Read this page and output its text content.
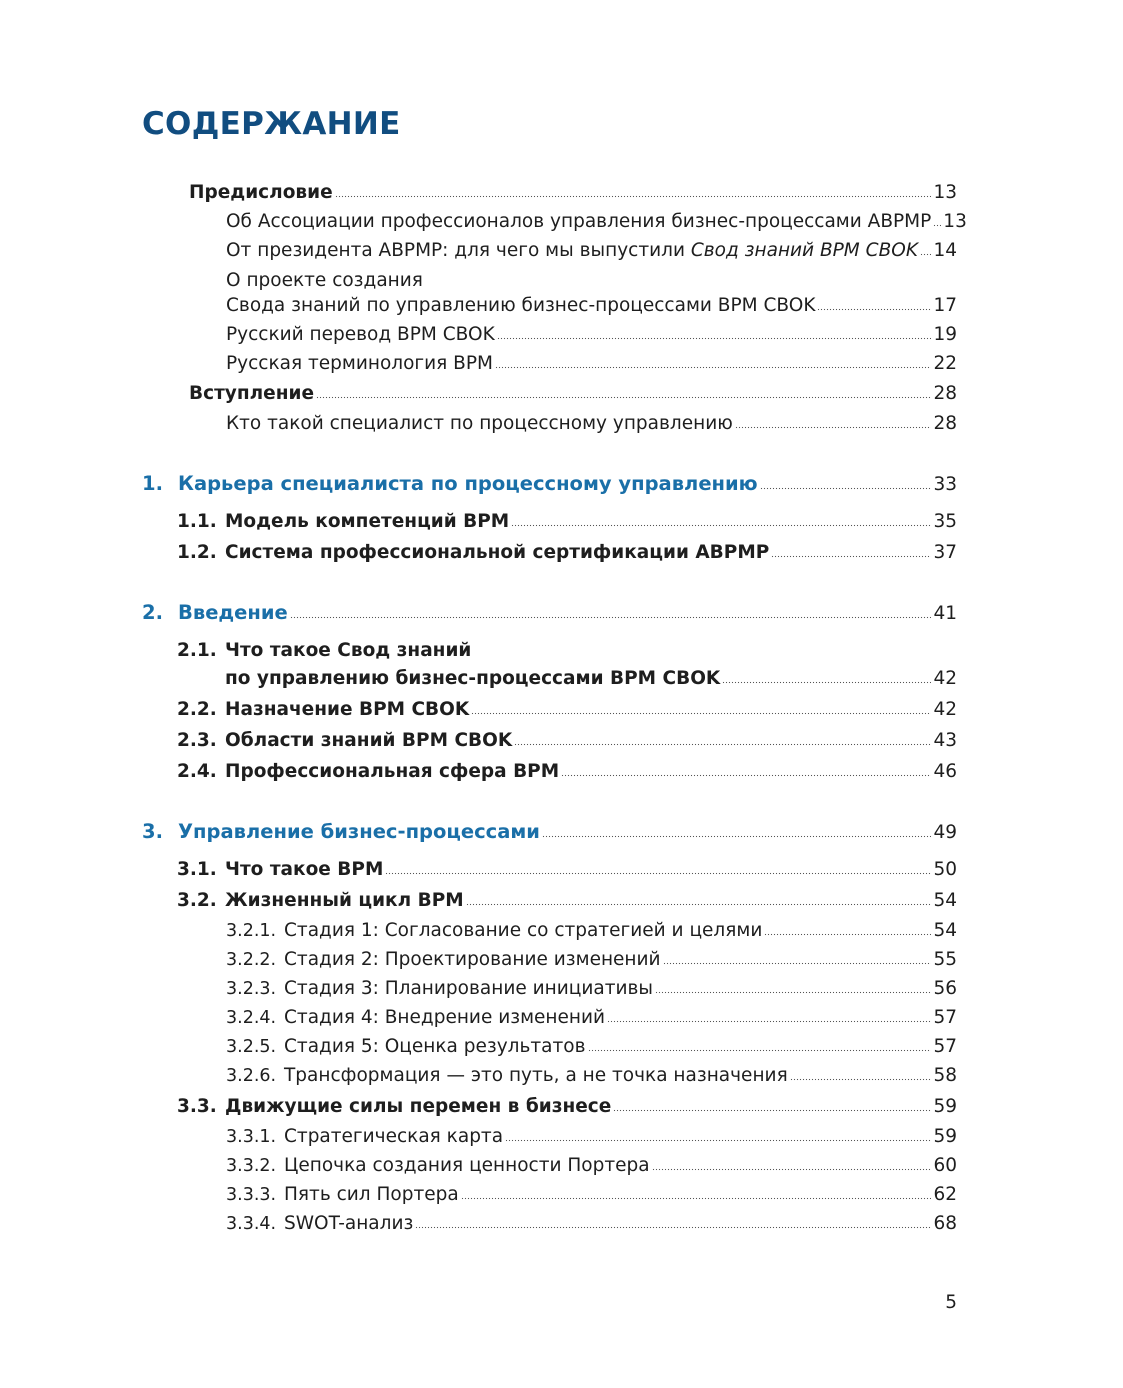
СОДЕРЖАНИЕ
Предисловие	13
Об Ассоциации профессионалов управления бизнес-процессами ABPMP 13
От президента ABPMP: для чего мы выпустили Свод знаний BPM CBOK 14
О проекте создания
Свода знаний по управлению бизнес-процессами BPM CBOK	17
Русский перевод BPM CBOK	19
Русская терминология BPM	22
Вступление	28
Кто такой специалист по процессному управлению	28
1. Карьера специалиста по процессному управлению	33
1.1. Модель компетенций BPM	35
1.2. Система профессиональной сертификации ABPMP	37
2. Введение	41
2.1. Что такое Свод знаний
по управлению бизнес-процессами BPM CBOK	42
2.2. Назначение BPM CBOK	42
2.3. Области знаний BPM CBOK	43
2.4. Профессиональная сфера BPM	46
3. Управление бизнес-процессами	49
3.1. Что такое BPM	50
3.2. Жизненный цикл BPM	54
3.2.1. Стадия 1: Согласование со стратегией и целями	54
3.2.2. Стадия 2: Проектирование изменений	55
3.2.3. Стадия 3: Планирование инициативы	56
3.2.4. Стадия 4: Внедрение изменений	57
3.2.5. Стадия 5: Оценка результатов	57
3.2.6. Трансформация — это путь, а не точка назначения	58
3.3. Движущие силы перемен в бизнесе	59
3.3.1. Стратегическая карта	59
3.3.2. Цепочка создания ценности Портера	60
3.3.3. Пять сил Портера	62
3.3.4. SWOT-анализ	68
5
